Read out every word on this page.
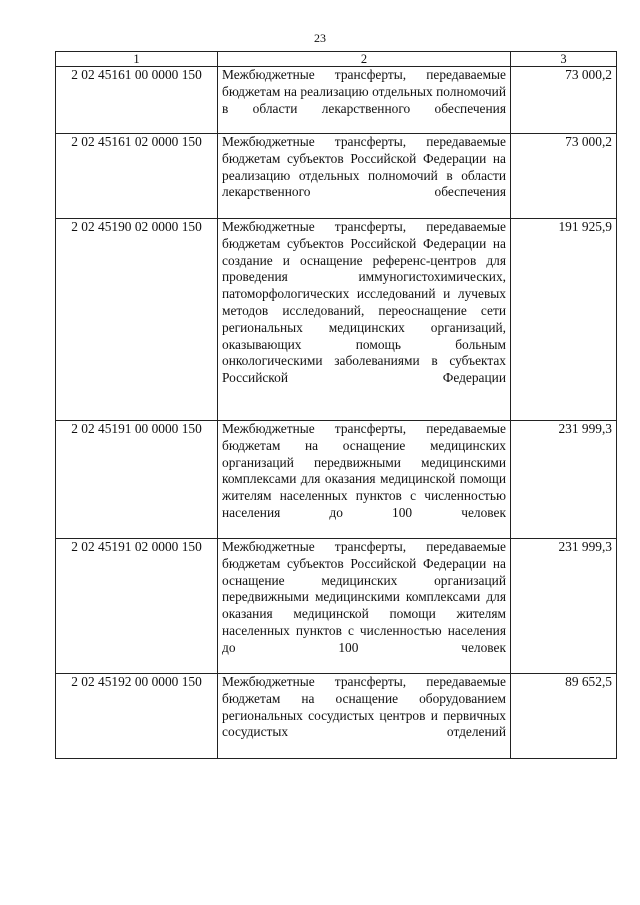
23
1	2	3
2 02 45161 00 0000 150	Межбюджетные трансферты, передаваемые бюджетам на реализацию отдельных полномочий в области лекарственного обеспечения	73 000,2
2 02 45161 02 0000 150	Межбюджетные трансферты, передаваемые бюджетам субъектов Российской Федерации на реализацию отдельных полномочий в области лекарственного обеспечения	73 000,2
2 02 45190 02 0000 150	Межбюджетные трансферты, передаваемые бюджетам субъектов Российской Федерации на создание и оснащение референс-центров для проведения иммуногистохимических, патоморфологических исследований и лучевых методов исследований, переоснащение сети региональных медицинских организаций, оказывающих помощь больным онкологическими заболеваниями в субъектах Российской Федерации	191 925,9
2 02 45191 00 0000 150	Межбюджетные трансферты, передаваемые бюджетам на оснащение медицинских организаций передвижными медицинскими комплексами для оказания медицинской помощи жителям населенных пунктов с численностью населения до 100 человек	231 999,3
2 02 45191 02 0000 150	Межбюджетные трансферты, передаваемые бюджетам субъектов Российской Федерации на оснащение медицинских организаций передвижными медицинскими комплексами для оказания медицинской помощи жителям населенных пунктов с численностью населения до 100 человек	231 999,3
2 02 45192 00 0000 150	Межбюджетные трансферты, передаваемые бюджетам на оснащение оборудованием региональных сосудистых центров и первичных сосудистых отделений	89 652,5
